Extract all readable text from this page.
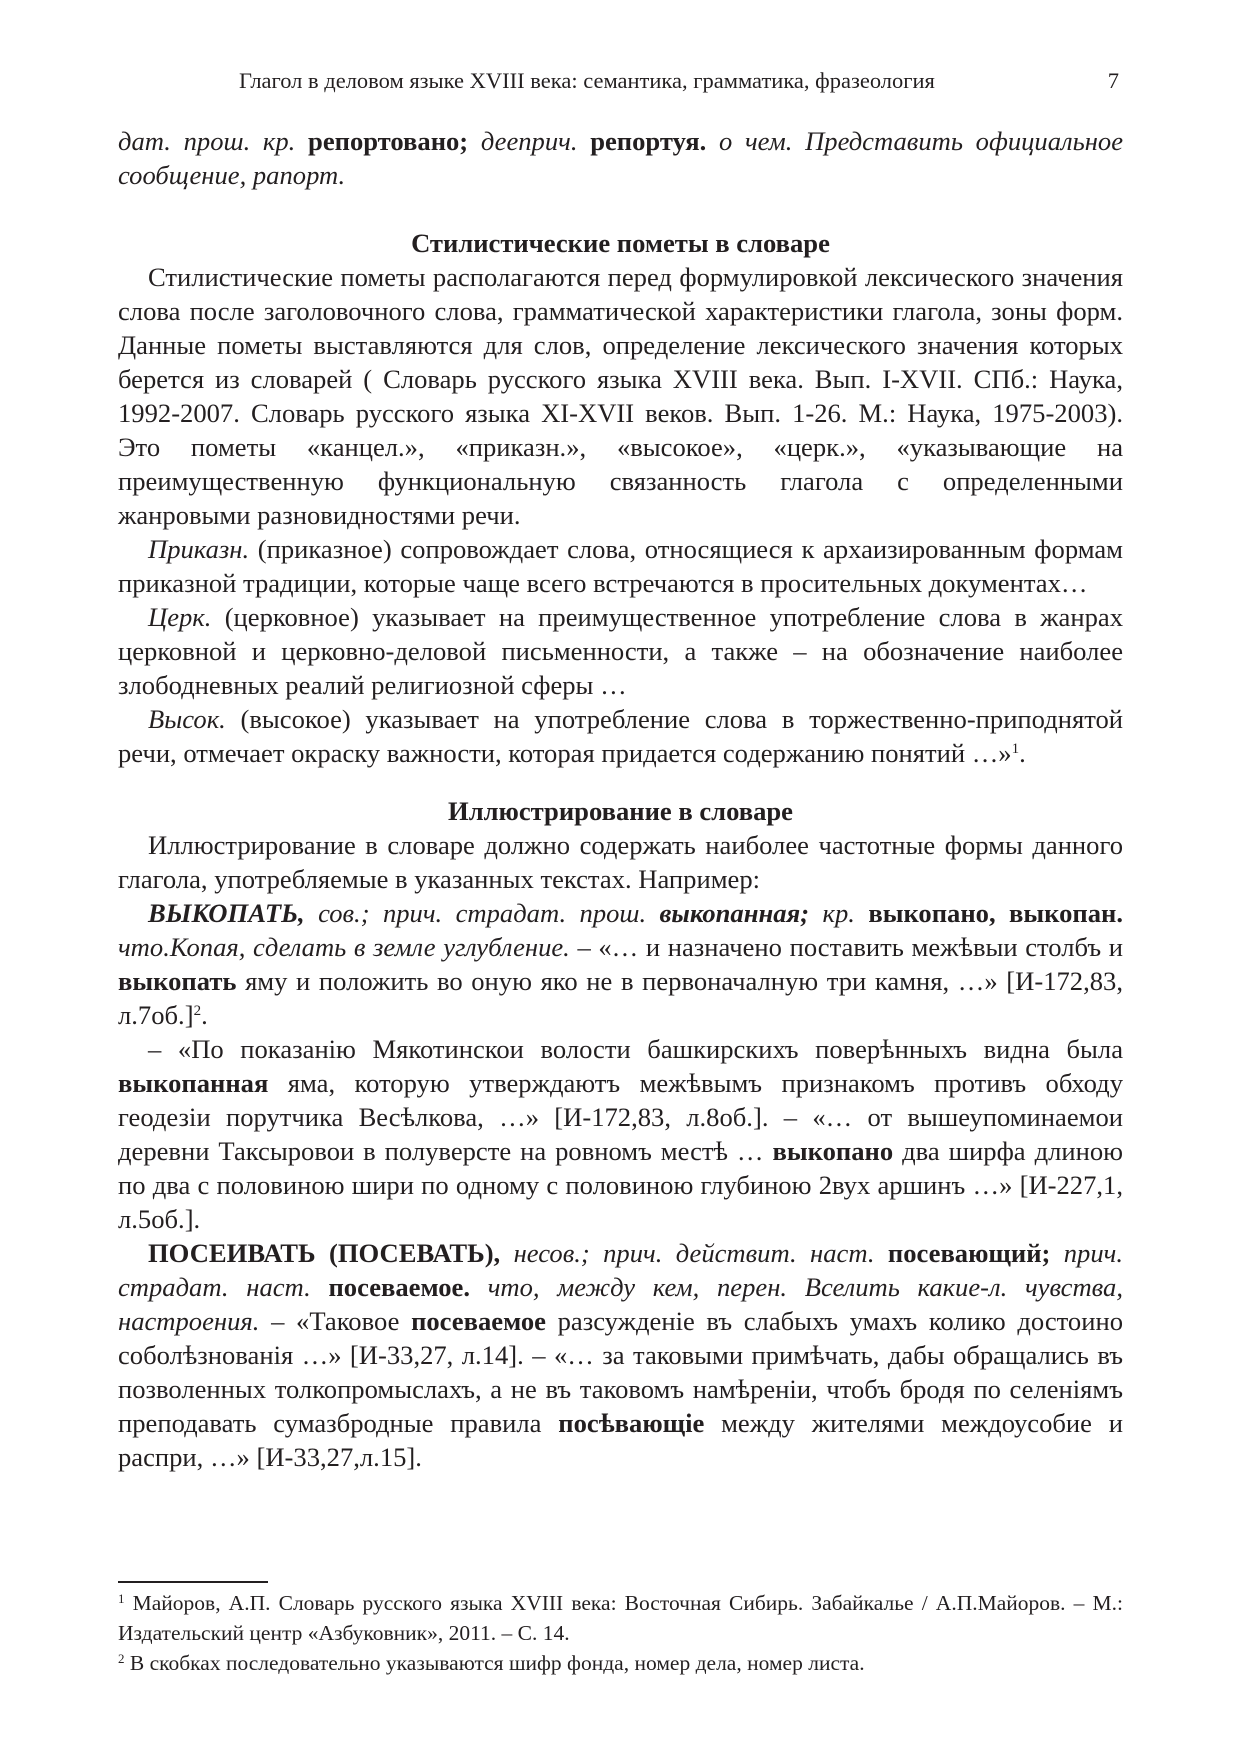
Глагол в деловом языке XVIII века: семантика, грамматика, фразеология	7

дат. прош. кр. репортовано; дееприч. репортуя. о чем. Представить официальное сообщение, рапорт.

Стилистические пометы в словаре

Стилистические пометы располагаются перед формулировкой лексического значения слова после заголовочного слова, грамматической характеристики глагола, зоны форм. Данные пометы выставляются для слов, определение лексического значения которых берется из словарей ( Словарь русского языка XVIII века. Вып. I-XVII. СПб.: Наука, 1992-2007. Словарь русского языка XI-XVII веков. Вып. 1-26. М.: Наука, 1975-2003). Это пометы «канцел.», «приказн.», «высокое», «церк.», «указывающие на преимущественную функциональную связанность глагола с определенными жанровыми разновидностями речи.

Приказн. (приказное) сопровождает слова, относящиеся к архаизированным формам приказной традиции, которые чаще всего встречаются в просительных документах…

Церк. (церковное) указывает на преимущественное употребление слова в жанрах церковной и церковно-деловой письменности, а также – на обозначение наиболее злободневных реалий религиозной сферы …

Высок. (высокое) указывает на употребление слова в торжественно-приподнятой речи, отмечает окраску важности, которая придается содержанию понятий …»$^1$.

Иллюстрирование в словаре

Иллюстрирование в словаре должно содержать наиболее частотные формы данного глагола, употребляемые в указанных текстах. Например:

ВЫКОПАТЬ, сов.; прич. страдат. прош. выкопанная; кр. выкопано, выкопан. что.Копая, сделать в земле углубление. – «… и назначено поставить межѣвыи столбъ и выкопать яму и положить во оную яко не в первоначалную три камня, …» [И-172,83, л.7об.]$^2$.

– «По показанію Мякотинскои волости башкирскихъ поверѣнныхъ видна была выкопанная яма, которую утверждаютъ межѣвымъ признакомъ противъ обходу геодезіи порутчика Весѣлкова, …» [И-172,83, л.8об.]. – «… от вышеупоминаемои деревни Таксыровои в полуверсте на ровномъ местѣ … выкопано два ширфа длиною по два с половиною шири по одному с половиною глубиною 2вух аршинъ …» [И-227,1, л.5об.].

ПОСЕИВАТЬ (ПОСЕВАТЬ), несов.; прич. действит. наст. посевающий; прич. страдат. наст. посеваемое. что, между кем, перен. Вселить какие-л. чувства, настроения. – «Таковое посеваемое разсужденіе въ слабыхъ умахъ колико достоино соболѣзнованія …» [И-33,27, л.14]. – «… за таковыми примѣчать, дабы обращались въ позволенных толкопромыслахъ, а не въ таковомъ намѣреніи, чтобъ бродя по селеніямъ преподавать сумазбродные правила посѣвающіе между жителями междоусобие и распри, …» [И-33,27,л.15].

$^1$ Майоров, А.П. Словарь русского языка XVIII века: Восточная Сибирь. Забайкалье / А.П.Майоров. – М.: Издательский центр «Азбуковник», 2011. – С. 14.

$^2$ В скобках последовательно указываются шифр фонда, номер дела, номер листа.
